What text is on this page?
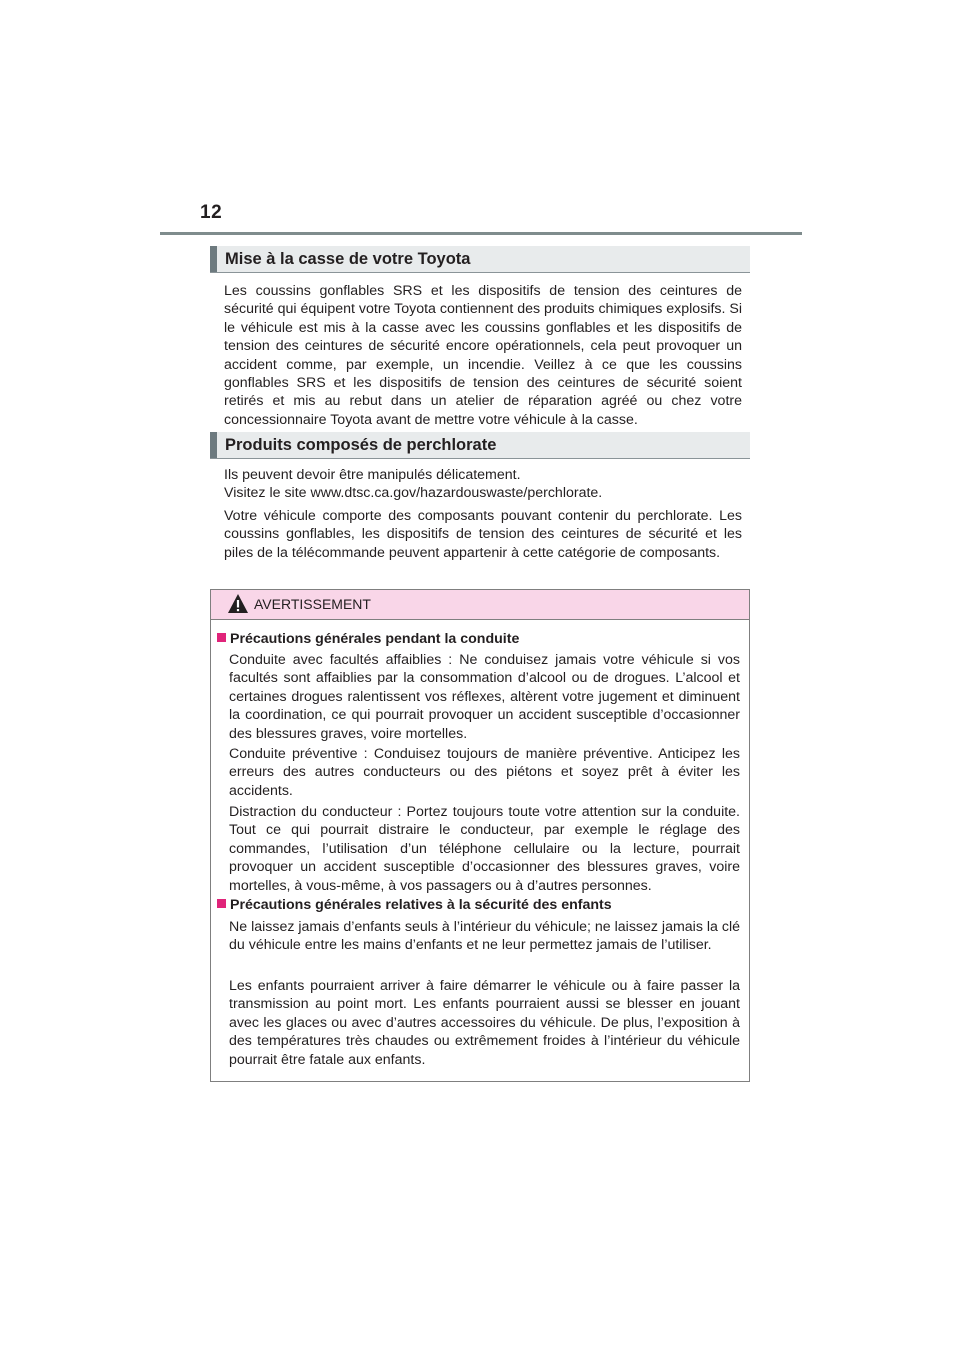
12
Mise à la casse de votre Toyota

Les coussins gonflables SRS et les dispositifs de tension des ceintures de sécurité qui équipent votre Toyota contiennent des produits chimiques explosifs. Si le véhicule est mis à la casse avec les coussins gonflables et les dispositifs de tension des ceintures de sécurité encore opérationnels, cela peut provoquer un accident comme, par exemple, un incendie. Veillez à ce que les coussins gonflables SRS et les dispositifs de tension des ceintures de sécurité soient retirés et mis au rebut dans un atelier de réparation agréé ou chez votre concessionnaire Toyota avant de mettre votre véhicule à la casse.

Produits composés de perchlorate

Ils peuvent devoir être manipulés délicatement.

Visitez le site www.dtsc.ca.gov/hazardouswaste/perchlorate.

Votre véhicule comporte des composants pouvant contenir du perchlorate. Les coussins gonflables, les dispositifs de tension des ceintures de sécurité et les piles de la télécommande peuvent appartenir à cette catégorie de composants.

AVERTISSEMENT
Précautions générales pendant la conduite

Conduite avec facultés affaiblies : Ne conduisez jamais votre véhicule si vos facultés sont affaiblies par la consommation d’alcool ou de drogues. L’alcool et certaines drogues ralentissent vos réflexes, altèrent votre jugement et diminuent la coordination, ce qui pourrait provoquer un accident susceptible d’occasionner des blessures graves, voire mortelles.

Conduite préventive : Conduisez toujours de manière préventive. Anticipez les erreurs des autres conducteurs ou des piétons et soyez prêt à éviter les accidents.

Distraction du conducteur : Portez toujours toute votre attention sur la conduite. Tout ce qui pourrait distraire le conducteur, par exemple le réglage des commandes, l’utilisation d’un téléphone cellulaire ou la lecture, pourrait provoquer un accident susceptible d’occasionner des blessures graves, voire mortelles, à vous-même, à vos passagers ou à d’autres personnes.

Précautions générales relatives à la sécurité des enfants

Ne laissez jamais d’enfants seuls à l’intérieur du véhicule; ne laissez jamais la clé du véhicule entre les mains d’enfants et ne leur permettez jamais de l’utiliser.

Les enfants pourraient arriver à faire démarrer le véhicule ou à faire passer la transmission au point mort. Les enfants pourraient aussi se blesser en jouant avec les glaces ou avec d’autres accessoires du véhicule. De plus, l’exposition à des températures très chaudes ou extrêmement froides à l’intérieur du véhicule pourrait être fatale aux enfants.
